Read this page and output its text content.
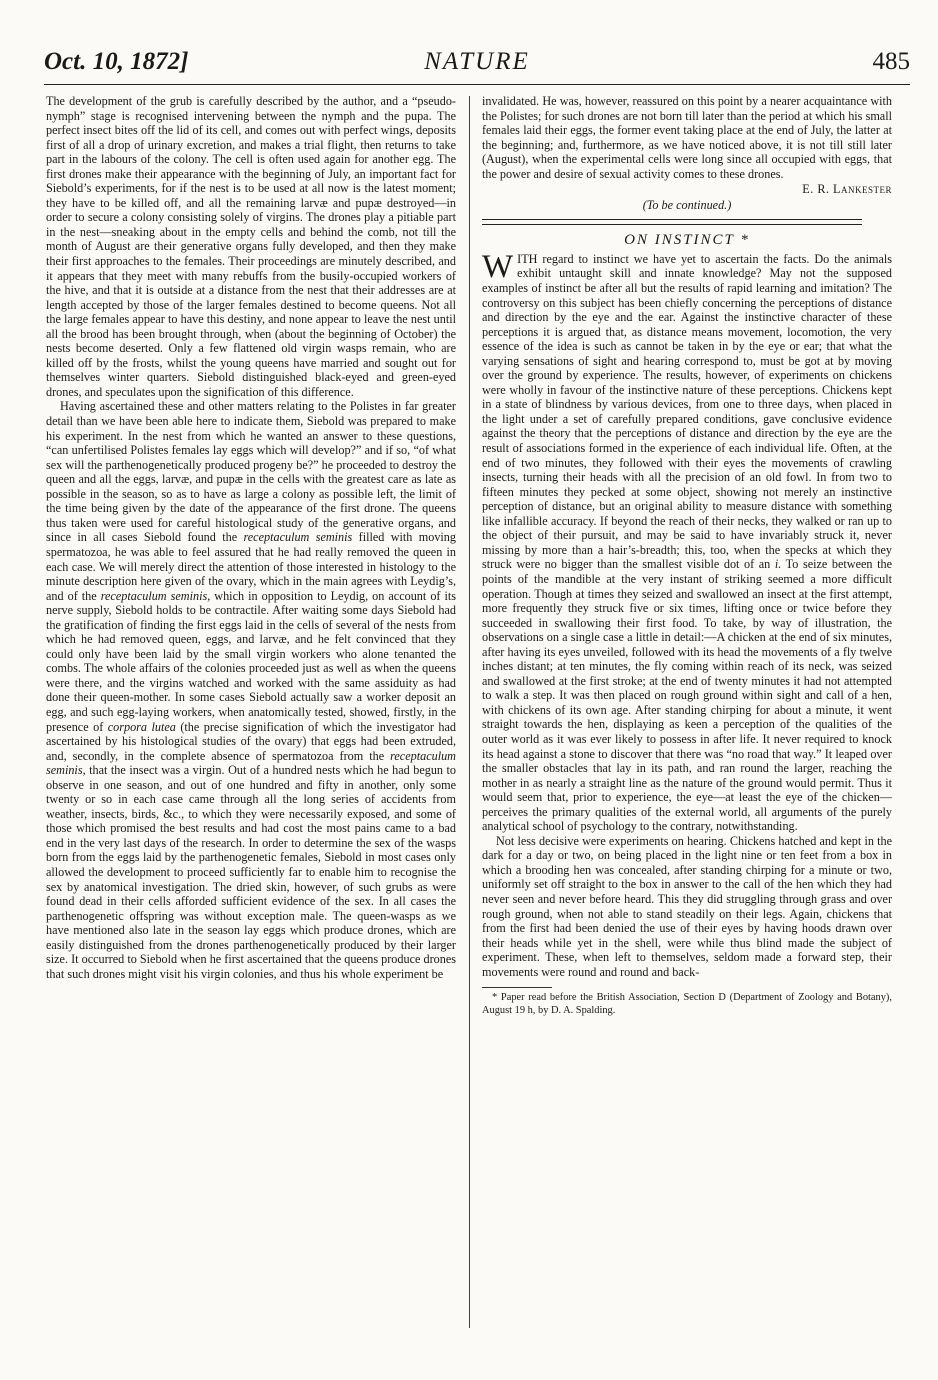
Oct. 10, 1872]	NATURE	485

The development of the grub is carefully described by the author, and a “pseudo-nymph” stage is recognised intervening between the nymph and the pupa. The perfect insect bites off the lid of its cell, and comes out with perfect wings, deposits first of all a drop of urinary excretion, and makes a trial flight, then returns to take part in the labours of the colony. The cell is often used again for another egg. The first drones make their appearance with the beginning of July, an important fact for Siebold’s experiments, for if the nest is to be used at all now is the latest moment; they have to be killed off, and all the remaining larvæ and pupæ destroyed—in order to secure a colony consisting solely of virgins. The drones play a pitiable part in the nest—sneaking about in the empty cells and behind the comb, not till the month of August are their generative organs fully developed, and then they make their first approaches to the females. Their proceedings are minutely described, and it appears that they meet with many rebuffs from the busily-occupied workers of the hive, and that it is outside at a distance from the nest that their addresses are at length accepted by those of the larger females destined to become queens. Not all the large females appear to have this destiny, and none appear to leave the nest until all the brood has been brought through, when (about the beginning of October) the nests become deserted. Only a few flattened old virgin wasps remain, who are killed off by the frosts, whilst the young queens have married and sought out for themselves winter quarters. Siebold distinguished black-eyed and green-eyed drones, and speculates upon the signification of this difference.

Having ascertained these and other matters relating to the Polistes in far greater detail than we have been able here to indicate them, Siebold was prepared to make his experiment. In the nest from which he wanted an answer to these questions, “can unfertilised Polistes females lay eggs which will develop?” and if so, “of what sex will the parthenogenetically produced progeny be?” he proceeded to destroy the queen and all the eggs, larvæ, and pupæ in the cells with the greatest care as late as possible in the season, so as to have as large a colony as possible left, the limit of the time being given by the date of the appearance of the first drone. The queens thus taken were used for careful histological study of the generative organs, and since in all cases Siebold found the receptaculum seminis filled with moving spermatozoa, he was able to feel assured that he had really removed the queen in each case. We will merely direct the attention of those interested in histology to the minute description here given of the ovary, which in the main agrees with Leydig’s, and of the receptaculum seminis, which in opposition to Leydig, on account of its nerve supply, Siebold holds to be contractile. After waiting some days Siebold had the gratification of finding the first eggs laid in the cells of several of the nests from which he had removed queen, eggs, and larvæ, and he felt convinced that they could only have been laid by the small virgin workers who alone tenanted the combs. The whole affairs of the colonies proceeded just as well as when the queens were there, and the virgins watched and worked with the same assiduity as had done their queen-mother. In some cases Siebold actually saw a worker deposit an egg, and such egg-laying workers, when anatomically tested, showed, firstly, in the presence of corpora lutea (the precise signification of which the investigator had ascertained by his histological studies of the ovary) that eggs had been extruded, and, secondly, in the complete absence of spermatozoa from the receptaculum seminis, that the insect was a virgin. Out of a hundred nests which he had begun to observe in one season, and out of one hundred and fifty in another, only some twenty or so in each case came through all the long series of accidents from weather, insects, birds, &c., to which they were necessarily exposed, and some of those which promised the best results and had cost the most pains came to a bad end in the very last days of the research. In order to determine the sex of the wasps born from the eggs laid by the parthenogenetic females, Siebold in most cases only allowed the development to proceed sufficiently far to enable him to recognise the sex by anatomical investigation. The dried skin, however, of such grubs as were found dead in their cells afforded sufficient evidence of the sex. In all cases the parthenogenetic offspring was without exception male. The queen-wasps as we have mentioned also late in the season lay eggs which produce drones, which are easily distinguished from the drones parthenogenetically produced by their larger size. It occurred to Siebold when he first ascertained that the queens produce drones that such drones might visit his virgin colonies, and thus his whole experiment be

invalidated. He was, however, reassured on this point by a nearer acquaintance with the Polistes; for such drones are not born till later than the period at which his small females laid their eggs, the former event taking place at the end of July, the latter at the beginning; and, furthermore, as we have noticed above, it is not till still later (August), when the experimental cells were long since all occupied with eggs, that the power and desire of sexual activity comes to these drones.

E. R. Lankester
(To be continued.)
ON INSTINCT *

WITH regard to instinct we have yet to ascertain the facts. Do the animals exhibit untaught skill and innate knowledge? May not the supposed examples of instinct be after all but the results of rapid learning and imitation? The controversy on this subject has been chiefly concerning the perceptions of distance and direction by the eye and the ear. Against the instinctive character of these perceptions it is argued that, as distance means movement, locomotion, the very essence of the idea is such as cannot be taken in by the eye or ear; that what the varying sensations of sight and hearing correspond to, must be got at by moving over the ground by experience. The results, however, of experiments on chickens were wholly in favour of the instinctive nature of these perceptions. Chickens kept in a state of blindness by various devices, from one to three days, when placed in the light under a set of carefully prepared conditions, gave conclusive evidence against the theory that the perceptions of distance and direction by the eye are the result of associations formed in the experience of each individual life. Often, at the end of two minutes, they followed with their eyes the movements of crawling insects, turning their heads with all the precision of an old fowl. In from two to fifteen minutes they pecked at some object, showing not merely an instinctive perception of distance, but an original ability to measure distance with something like infallible accuracy. If beyond the reach of their necks, they walked or ran up to the object of their pursuit, and may be said to have invariably struck it, never missing by more than a hair’s-breadth; this, too, when the specks at which they struck were no bigger than the smallest visible dot of an i. To seize between the points of the mandible at the very instant of striking seemed a more difficult operation. Though at times they seized and swallowed an insect at the first attempt, more frequently they struck five or six times, lifting once or twice before they succeeded in swallowing their first food. To take, by way of illustration, the observations on a single case a little in detail:—A chicken at the end of six minutes, after having its eyes unveiled, followed with its head the movements of a fly twelve inches distant; at ten minutes, the fly coming within reach of its neck, was seized and swallowed at the first stroke; at the end of twenty minutes it had not attempted to walk a step. It was then placed on rough ground within sight and call of a hen, with chickens of its own age. After standing chirping for about a minute, it went straight towards the hen, displaying as keen a perception of the qualities of the outer world as it was ever likely to possess in after life. It never required to knock its head against a stone to discover that there was “no road that way.” It leaped over the smaller obstacles that lay in its path, and ran round the larger, reaching the mother in as nearly a straight line as the nature of the ground would permit. Thus it would seem that, prior to experience, the eye—at least the eye of the chicken—perceives the primary qualities of the external world, all arguments of the purely analytical school of psychology to the contrary, notwithstanding.

Not less decisive were experiments on hearing. Chickens hatched and kept in the dark for a day or two, on being placed in the light nine or ten feet from a box in which a brooding hen was concealed, after standing chirping for a minute or two, uniformly set off straight to the box in answer to the call of the hen which they had never seen and never before heard. This they did struggling through grass and over rough ground, when not able to stand steadily on their legs. Again, chickens that from the first had been denied the use of their eyes by having hoods drawn over their heads while yet in the shell, were while thus blind made the subject of experiment. These, when left to themselves, seldom made a forward step, their movements were round and round and back-

* Paper read before the British Association, Section D (Department of Zoology and Botany), August 19 h, by D. A. Spalding.
